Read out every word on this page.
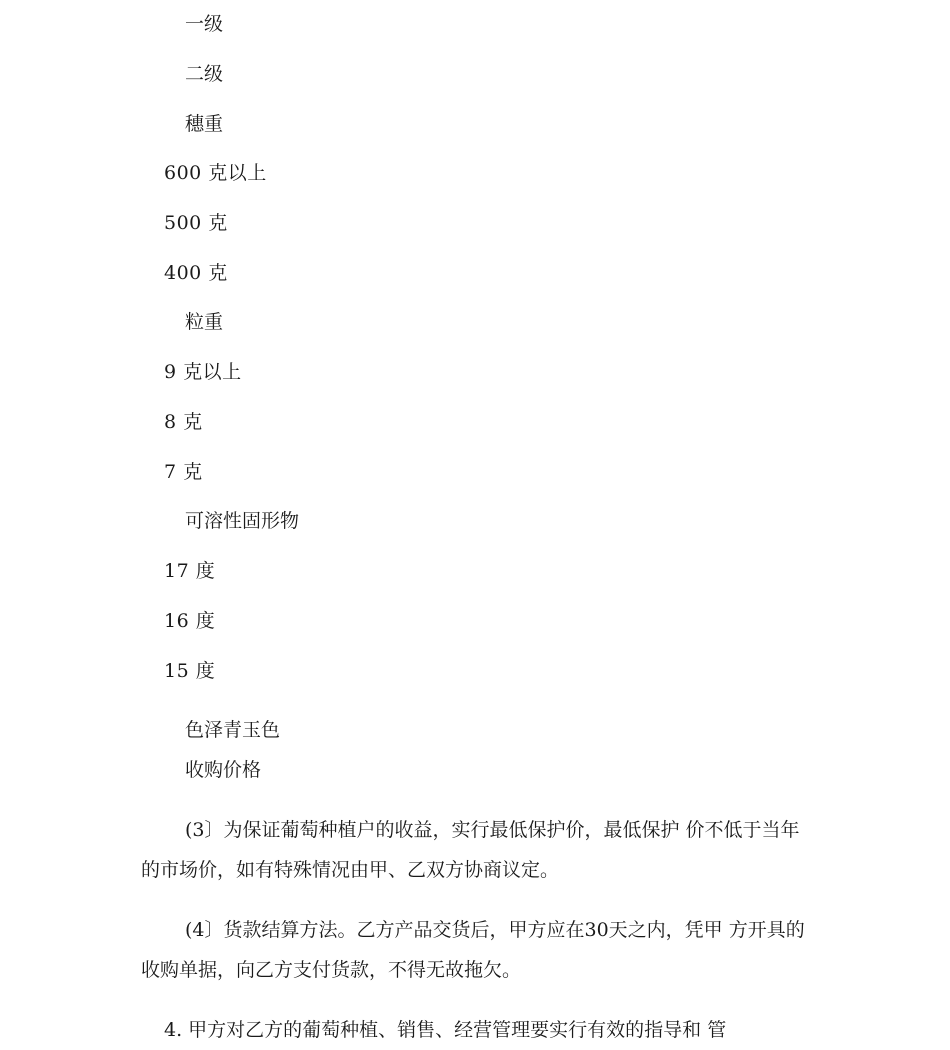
一级
二级
穗重
600 克以上
500 克
400 克
粒重
9 克以上
8 克
7 克
可溶性固形物
17 度
16 度
15 度
色泽青玉色
收购价格

(3〕为保证葡萄种植户的收益，实行最低保护价，最低保护 价不低于当年的市场价，如有特殊情况由甲、乙双方协商议定。

(4〕货款结算方法。乙方产品交货后，甲方应在30天之内，凭甲 方开具的收购单据，向乙方支付货款，不得无故拖欠。

4. 甲方对乙方的葡萄种植、销售、经营管理要实行有效的指导和 管
